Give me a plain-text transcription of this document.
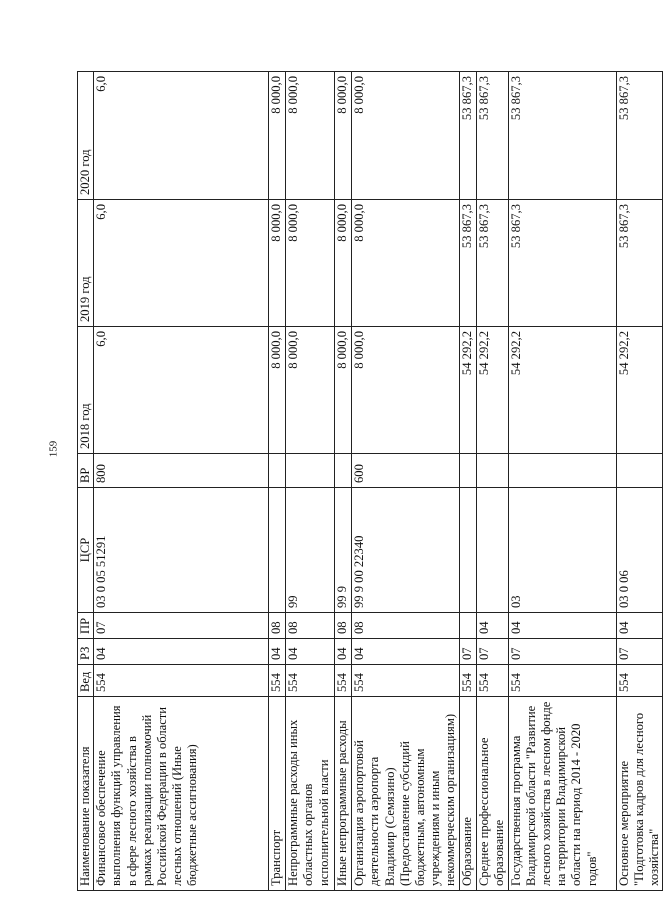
159
Наименование показателя	Вед	РЗ	ПР	ЦСР	ВР	2018 год	2019 год	2020 год
Финансовое обеспечение выполнения функций управления в сфере лесного хозяйства в рамках реализации полномочий Российской Федерации в области лесных отношений (Иные бюджетные ассигнования)	554	04	07	03 0 05 51291	800	6,0	6,0	6,0
Транспорт	554	04	08			8 000,0	8 000,0	8 000,0
Непрограммные расходы иных областных органов исполнительной власти	554	04	08	99		8 000,0	8 000,0	8 000,0
Иные непрограммные расходы	554	04	08	99 9		8 000,0	8 000,0	8 000,0
Организация аэропортовой деятельности аэропорта Владимир (Семязино) (Предоставление субсидий бюджетным, автономным учреждениям и иным некоммерческим организациям)	554	04	08	99 9 00 22340	600	8 000,0	8 000,0	8 000,0
Образование	554	07				54 292,2	53 867,3	53 867,3
Среднее профессиональное образование	554	07	04			54 292,2	53 867,3	53 867,3
Государственная программа Владимирской области "Развитие лесного хозяйства в лесном фонде на территории Владимирской области на период 2014 - 2020 годов"	554	07	04	03		54 292,2	53 867,3	53 867,3
Основное мероприятие "Подготовка кадров для лесного хозяйства"	554	07	04	03 0 06		54 292,2	53 867,3	53 867,3
